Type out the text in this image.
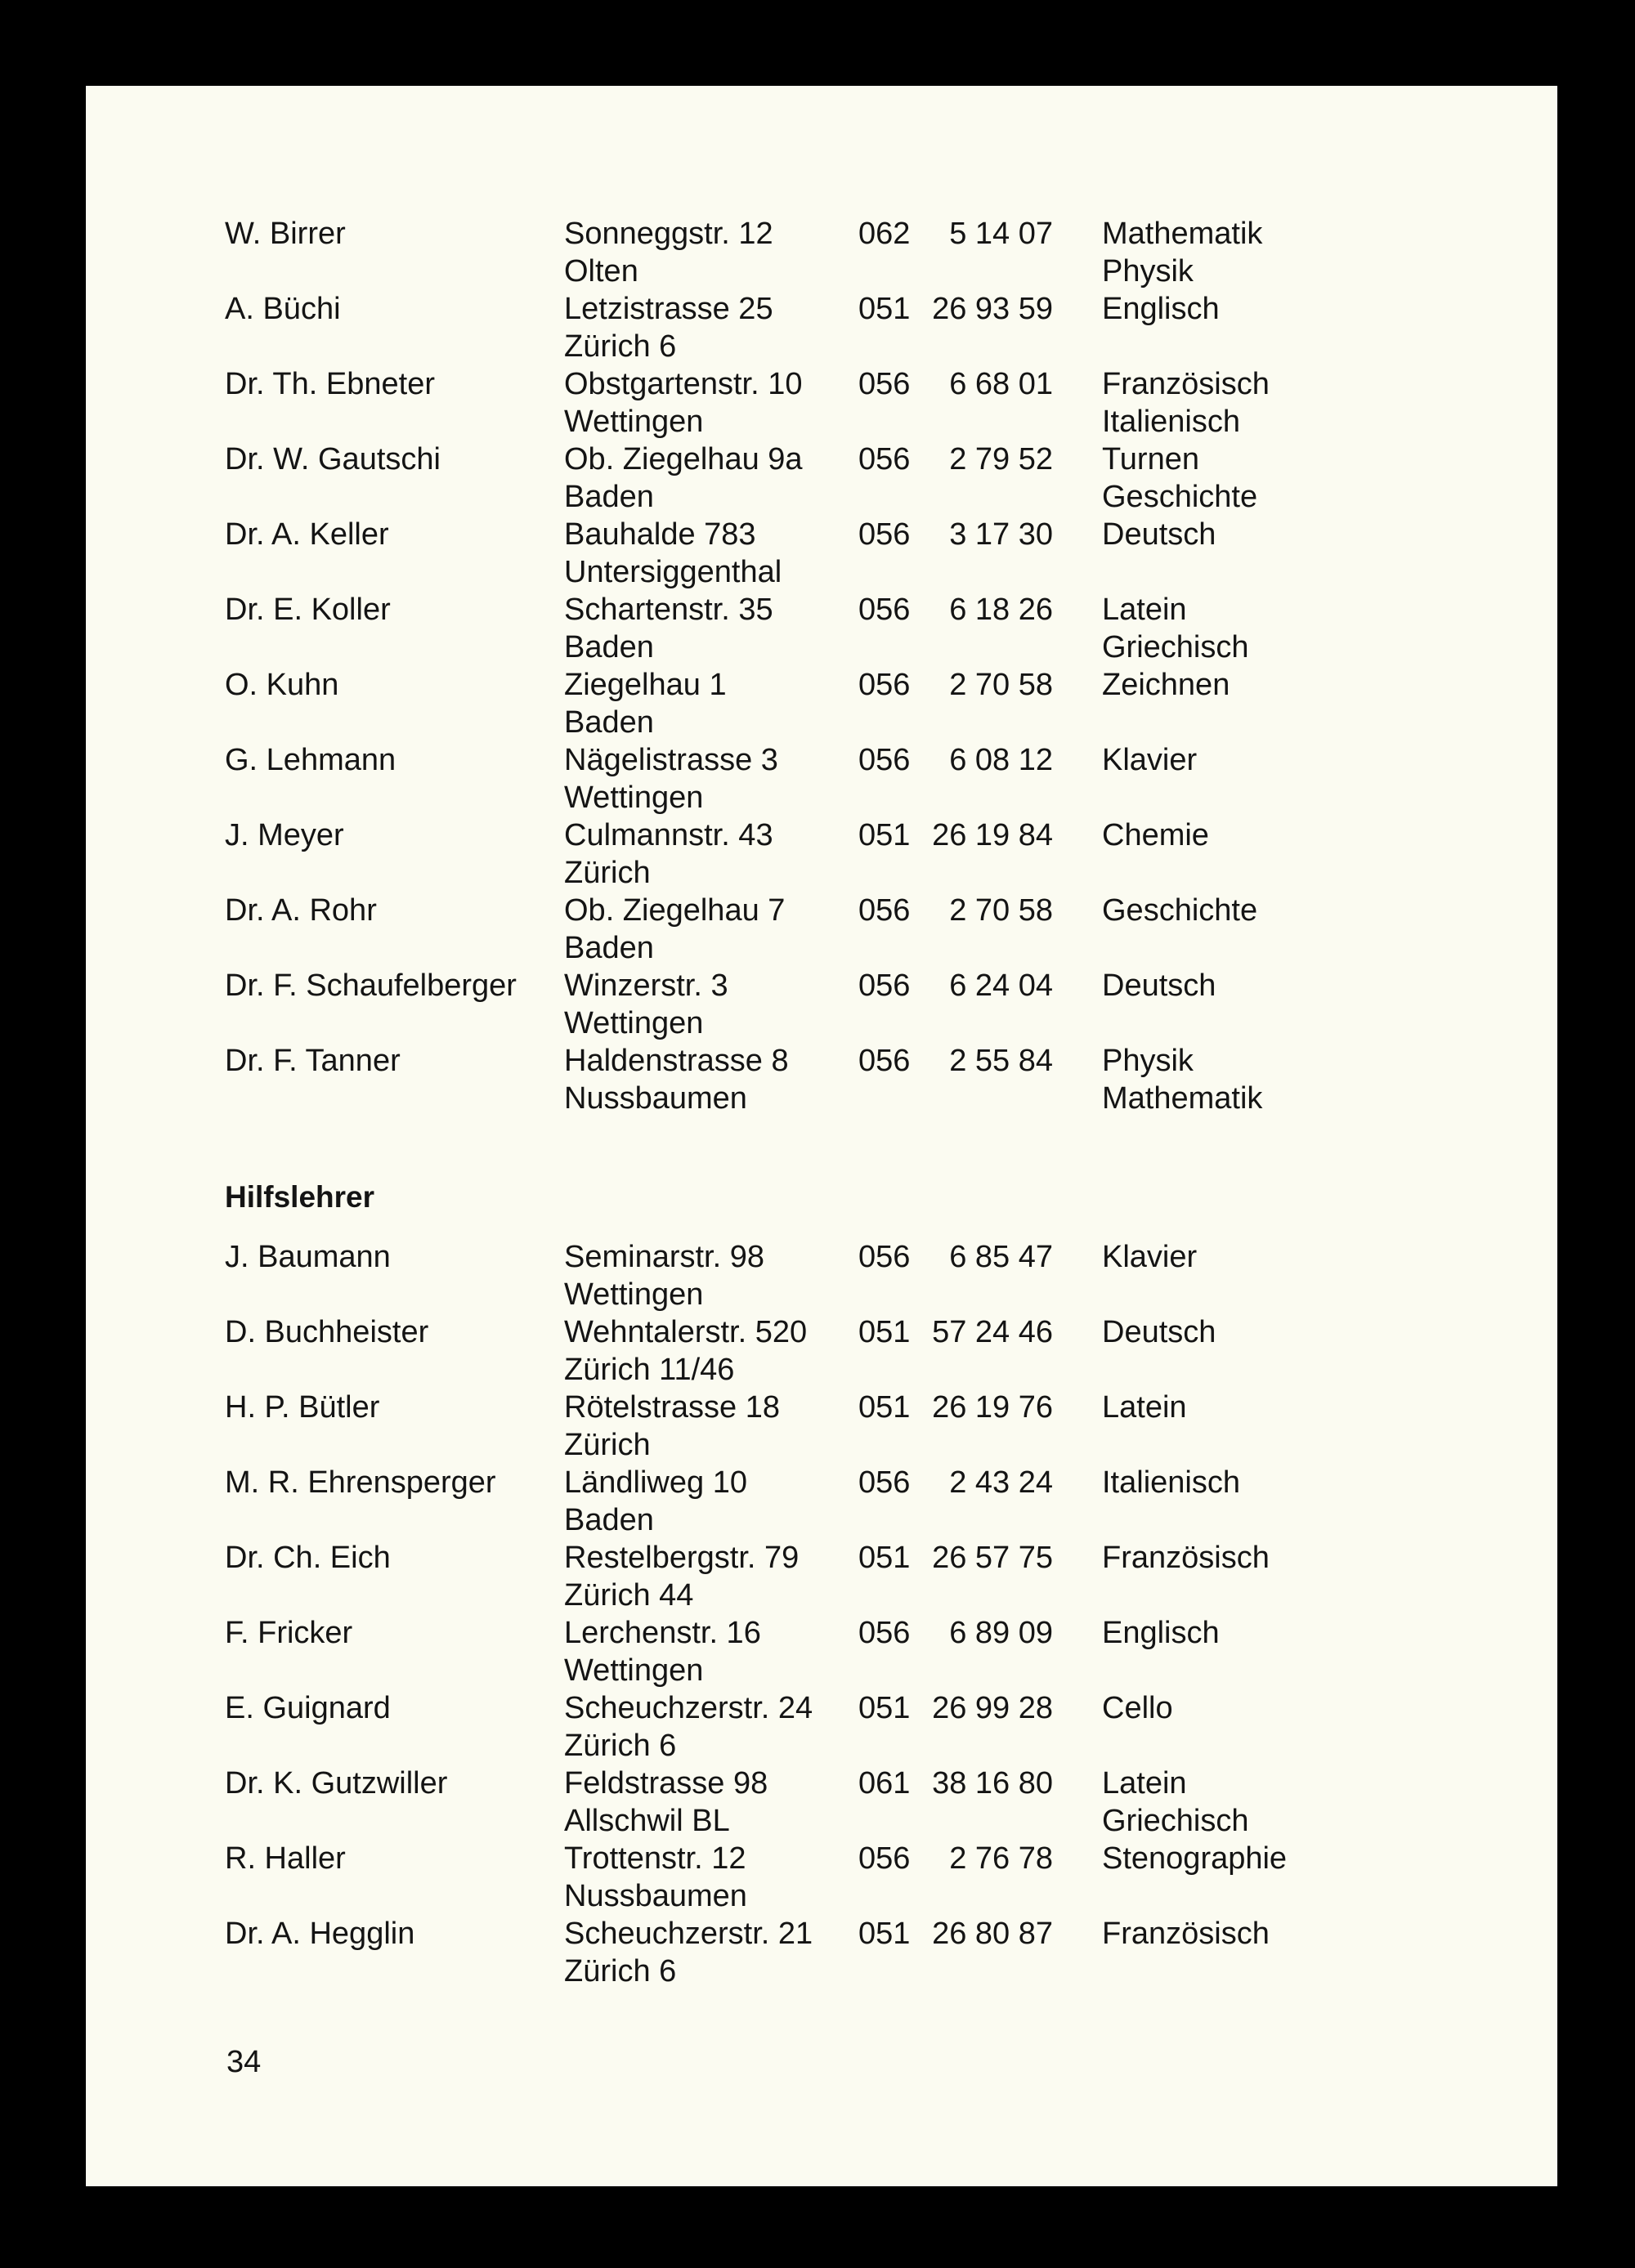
W. Birrer	Sonneggstr. 12
Olten
062	5 14 07 Mathematik
Physik
A. Büchi	Letzistrasse 25
Zürich 6
051 26 93 59 Englisch
Dr. Th. Ebneter	Obstgartenstr. 10
Wettingen
056	6 68 01 Französisch
Italienisch
Dr. W. Gautschi	Ob. Ziegelhau 9a
Baden
056	2 79 52 Turnen
Geschichte
Dr. A. Keller	Bauhalde 783
Untersiggenthal
056	3 17 30 Deutsch
Dr. E. Koller	Schartenstr. 35
Baden
056	6 18 26 Latein
Griechisch
O. Kuhn	Ziegelhau 1
Baden
056	2 70 58 Zeichnen
G. Lehmann	Nägelistrasse 3
Wettingen
056	6 08 12 Klavier
J. Meyer	Culmannstr. 43
Zürich
051 26 19 84 Chemie
Dr. A. Rohr	Ob. Ziegelhau 7
Baden
056	2 70 58 Geschichte
Dr. F. Schaufelberger Winzerstr. 3
Wettingen
056	6 24 04 Deutsch
Dr. F. Tanner	Haldenstrasse 8
Nussbaumen
056	2 55 84 Physik
Mathematik
Hilfslehrer
J. Baumann	Seminarstr. 98
Wettingen
056	6 85 47 Klavier
D. Buchheister	Wehntalerstr. 520
Zürich 11/46
051 57 24 46 Deutsch
H. P. Bütler	Rötelstrasse 18
Zürich
051 26 19 76 Latein
M. R. Ehrensperger Ländliweg 10
Baden
056	2 43 24 Italienisch
Dr. Ch. Eich	Restelbergstr. 79
Zürich 44
051 26 57 75 Französisch
F. Fricker	Lerchenstr. 16
Wettingen
056	6 89 09 Englisch
E. Guignard	Scheuchzerstr. 24
Zürich 6
051 26 99 28 Cello
Dr. K. Gutzwiller	Feldstrasse 98
Allschwil BL
061 38 16 80 Latein
Griechisch
R. Haller	Trottenstr. 12
Nussbaumen
056	2 76 78 Stenographie
Dr. A. Hegglin	Scheuchzerstr. 21
Zürich 6
051 26 80 87 Französisch
34
